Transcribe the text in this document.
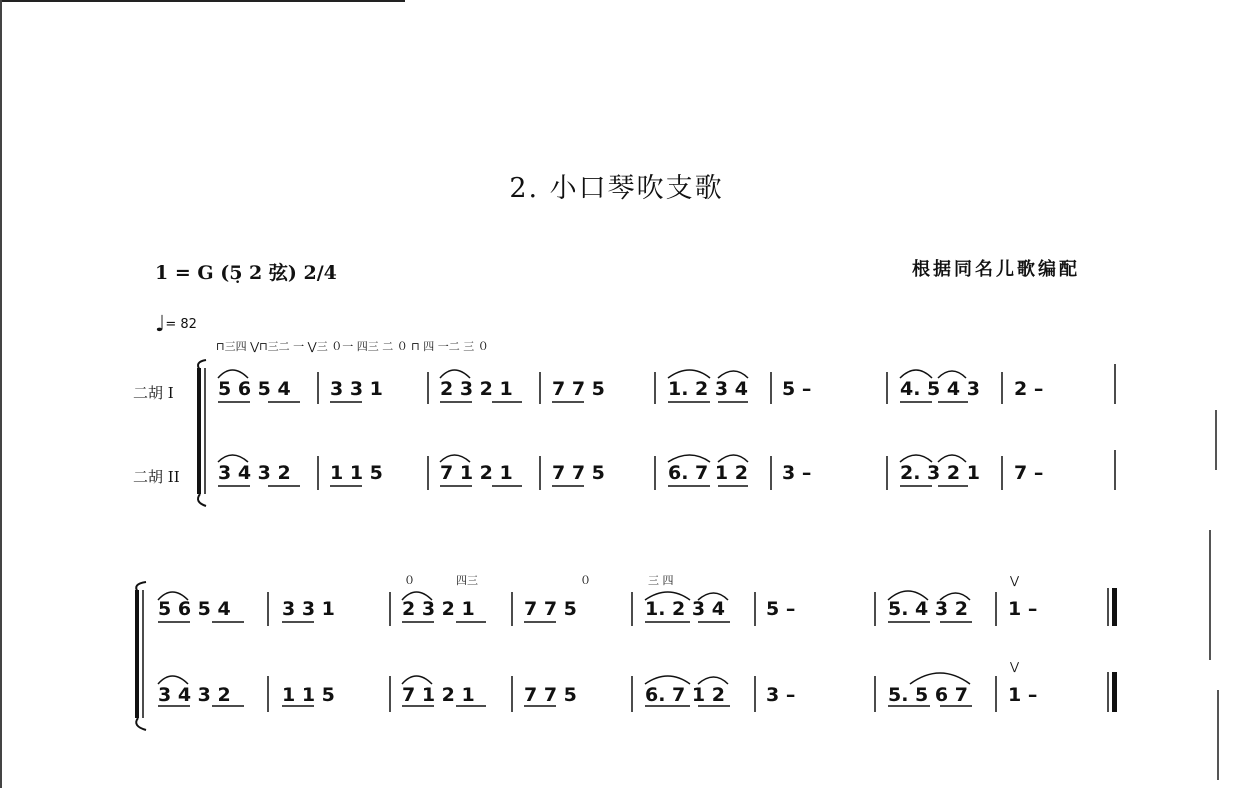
2. 小口琴吹支歌
1 = G (5̣ 2 弦) 2/4	根据同名儿歌编配
♩= 82
二胡 I
二胡 II
⊓三四 ⋁⊓三二 一 ⋁三 ０一 四三 二 ０ ⊓ 四 一二 三 ０
5 6 5 4 3 3 1	2 3 2 1 7 7 5	1. 2 3 4 5 –	4. 5 4 3 2 –
3 4 3 2 1 1 5	7 1 2 1 7 7 5	6. 7 1 2 3 –	2. 3 2 1 7 –
０	四三	０	三 四	⋁
⋁
5 6 5 4	3 3 1	2 3 2 1	7 7 5	1. 2 3 4 5 –	5. 4 3 2 1 –
3 4 3 2	1 1 5	7 1 2 1	7 7 5	6. 7 1 2 3 –	5. 5 6 7 1 –
